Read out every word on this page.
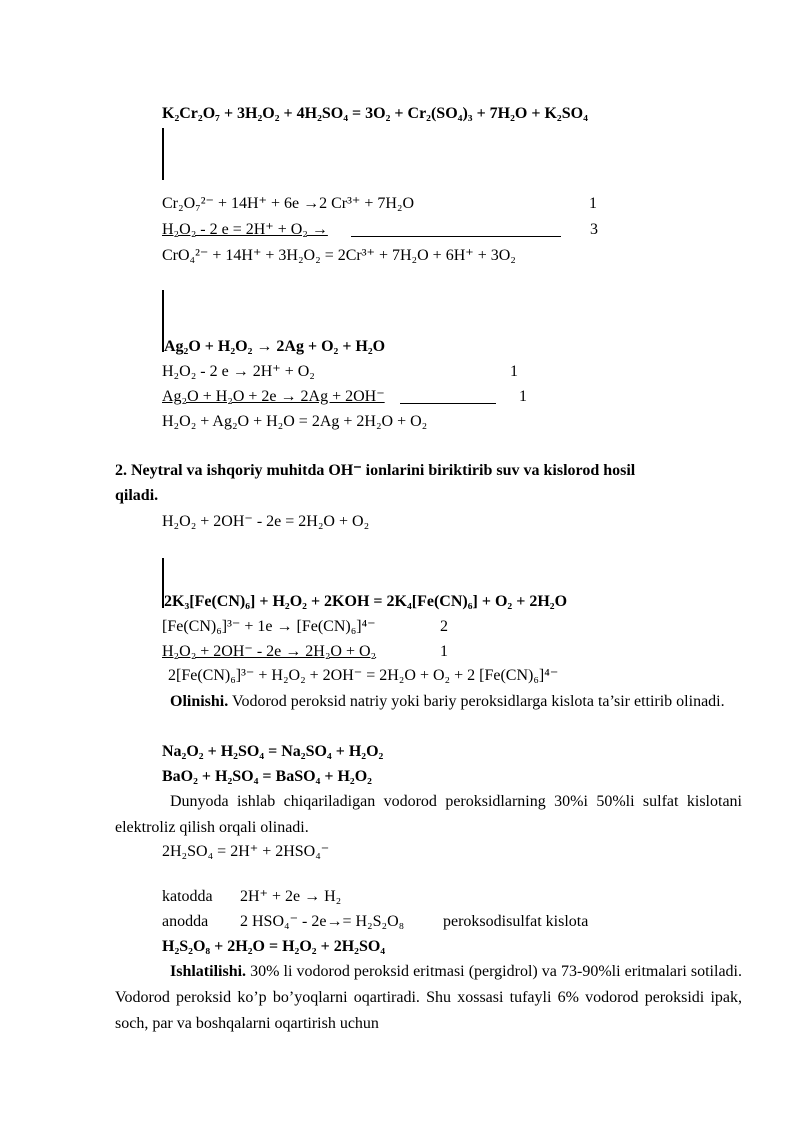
K₂Cr₂O₇ + 3H₂O₂ + 4H₂SO₄ = 3O₂ + Cr₂(SO₄)₃ + 7H₂O + K₂SO₄
Cr₂O₇²⁻ + 14H⁺ + 6e →2 Cr³⁺ + 7H₂O	1
H₂O₂ - 2 e = 2H⁺ + O₂ →	3
CrO₄²⁻ + 14H⁺ + 3H₂O₂ = 2Cr³⁺ + 7H₂O + 6H⁺ + 3O₂
Ag₂O + H₂O₂ → 2Ag + O₂ + H₂O
H₂O₂ - 2 e → 2H⁺ + O₂	1
Ag₂O + H₂O + 2e → 2Ag + 2OH⁻	1
H₂O₂ + Ag₂O + H₂O = 2Ag + 2H₂O + O₂
2. Neytral va ishqoriy muhitda OH⁻ ionlarini biriktirib suv va kislorod hosil
qiladi.
H₂O₂ + 2OH⁻ - 2e = 2H₂O + O₂
2K₃[Fe(CN)₆] + H₂O₂ + 2KOH = 2K₄[Fe(CN)₆] + O₂ + 2H₂O
[Fe(CN)₆]³⁻ + 1e → [Fe(CN)₆]⁴⁻	2
H₂O₂ + 2OH⁻ - 2e → 2H₂O + O₂	1
2[Fe(CN)₆]³⁻ + H₂O₂ + 2OH⁻ = 2H₂O + O₂ + 2 [Fe(CN)₆]⁴⁻
Olinishi. Vodorod peroksid natriy yoki bariy peroksidlarga kislota ta’sir ettirib olinadi.
Na₂O₂ + H₂SO₄ = Na₂SO₄ + H₂O₂
BaO₂ + H₂SO₄ = BaSO₄ + H₂O₂
Dunyoda ishlab chiqariladigan vodorod peroksidlarning 30%i 50%li sulfat kislotani elektroliz qilish orqali olinadi.
2H₂SO₄ = 2H⁺ + 2HSO₄⁻
katodda 2H⁺ + 2e → H₂
anodda 2 HSO₄⁻ - 2e→= H₂S₂O₈ peroksodisulfat kislota
H₂S₂O₈ + 2H₂O = H₂O₂ + 2H₂SO₄
Ishlatilishi. 30% li vodorod peroksid eritmasi (pergidrol) va 73-90%li eritmalari sotiladi. Vodorod peroksid ko’p bo’yoqlarni oqartiradi. Shu xossasi tufayli 6% vodorod peroksidi ipak, soch, par va boshqalarni oqartirish uchun
